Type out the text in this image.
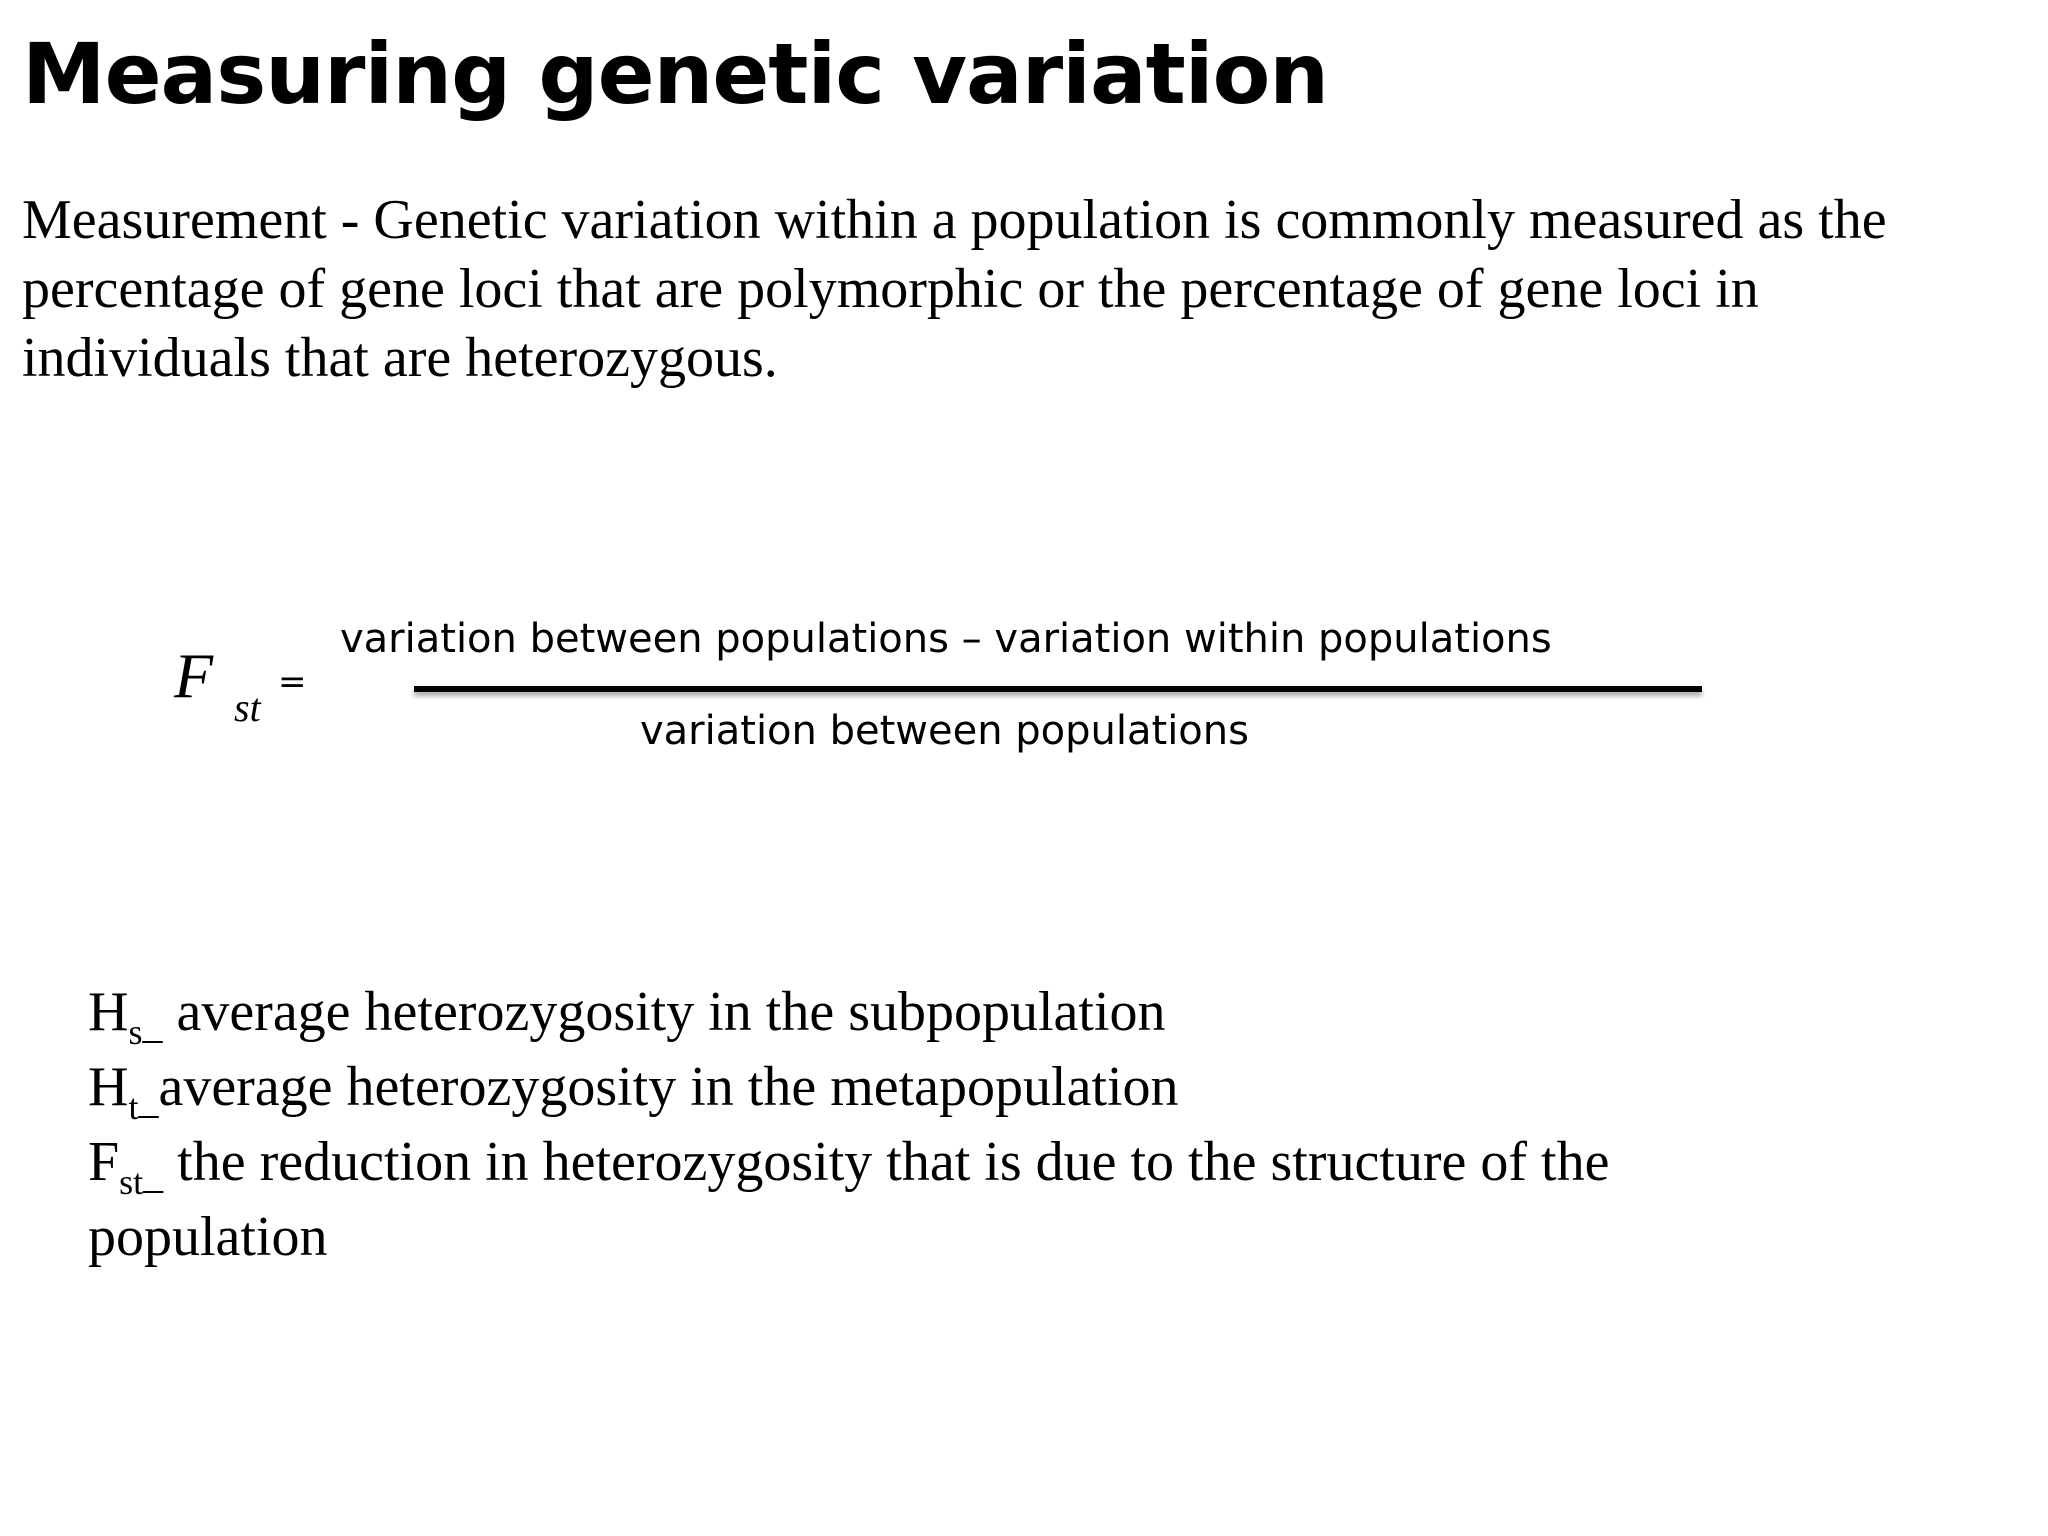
Measuring genetic variation

Measurement - Genetic variation within a population is commonly measured as the percentage of gene loci that are polymorphic or the percentage of gene loci in individuals that are heterozygous.

F st
=
variation between populations – variation within populations
variation between populations
$H_s\_$ average heterozygosity in the subpopulation
$H_t\_average$ heterozygosity in the metapopulation
$F_{st}\_$ the reduction in heterozygosity that is due to the structure of the population
